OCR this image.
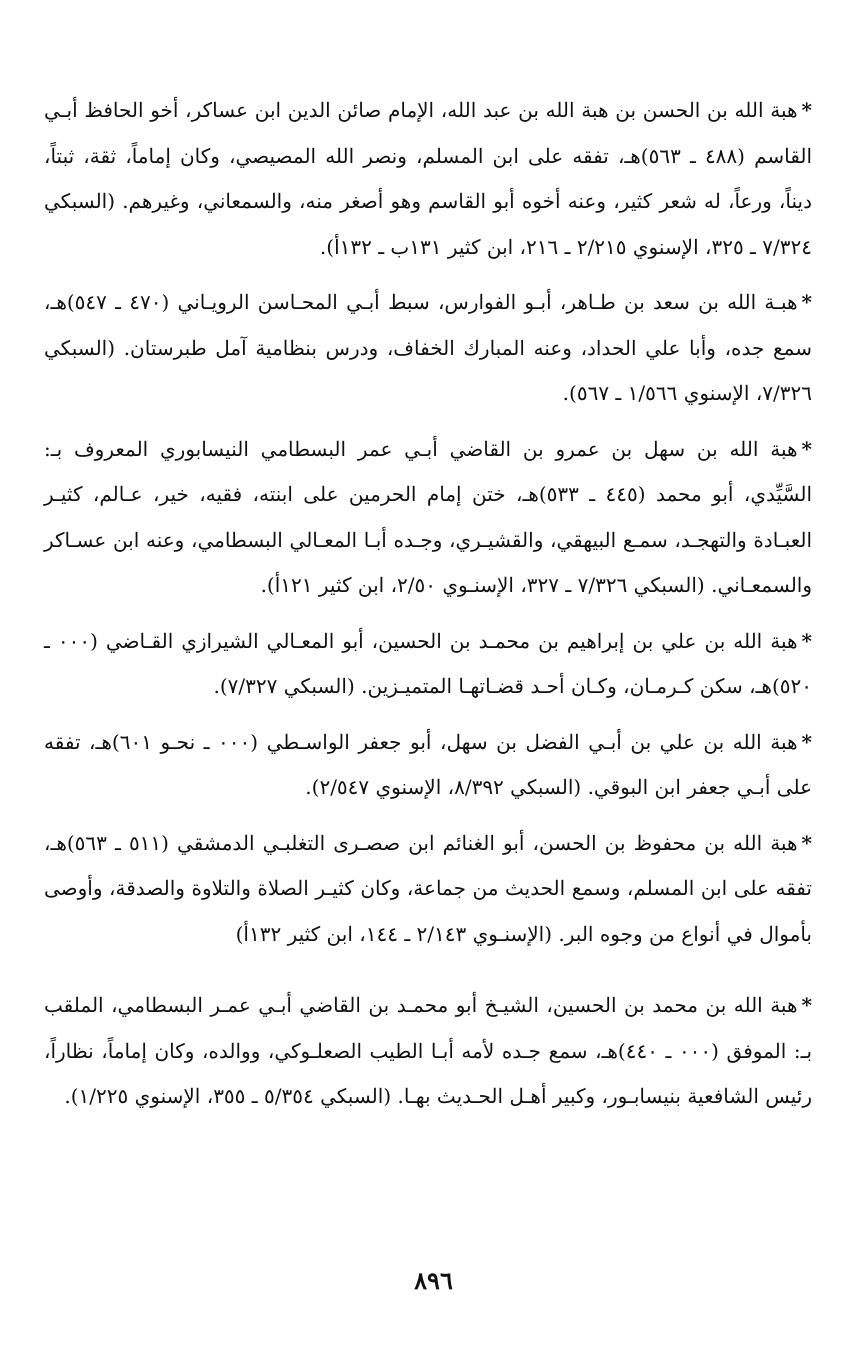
*هبة الله بن الحسن بن هبة الله بن عبد الله، الإمام صائن الدين ابن عساكر، أخو الحافظ أبـي القاسم (٤٨٨ ـ ٥٦٣)هـ، تفقه على ابن المسلم، ونصر الله المصيصي، وكان إماماً، ثقة، ثبتاً، ديناً، ورعاً، له شعر كثير، وعنه أخوه أبو القاسم وهو أصغر منه، والسمعاني، وغيرهم. (السبكي ٧/٣٢٤ ـ ٣٢٥، الإسنوي ٢/٢١٥ ـ ٢١٦، ابن كثير ١٣١ب ـ ١٣٢أ).

*هبـة الله بن سعد بن طـاهر، أبـو الفوارس، سبط أبـي المحـاسن الرويـاني (٤٧٠ ـ ٥٤٧)هـ، سمع جده، وأبا علي الحداد، وعنه المبارك الخفاف، ودرس بنظامية آمل طبرستان. (السبكي ٧/٣٢٦، الإسنوي ١/٥٦٦ ـ ٥٦٧).

*هبة الله بن سهل بن عمرو بن القاضي أبـي عمر البسطامي النيسابوري المعروف بـ: السَّيِّدي، أبو محمد (٤٤٥ ـ ٥٣٣)هـ، ختن إمام الحرمين على ابنته، فقيه، خير، عـالم، كثيـر العبـادة والتهجـد، سمـع البيهقي، والقشيـري، وجـده أبـا المعـالي البسطامي، وعنه ابن عسـاكر والسمعـاني. (السبكي ٧/٣٢٦ ـ ٣٢٧، الإسنـوي ٢/٥٠، ابن كثير ١٢١أ).

*هبة الله بن علي بن إبراهيم بن محمـد بن الحسين، أبو المعـالي الشيرازي القـاضي (٠٠٠ ـ ٥٢٠)هـ، سكن كـرمـان، وكـان أحـد قضـاتهـا المتميـزين. (السبكي ٧/٣٢٧).

*هبة الله بن علي بن أبـي الفضل بن سهل، أبو جعفر الواسـطي (٠٠٠ ـ نحـو ٦٠١)هـ، تفقه على أبـي جعفر ابن البوقي. (السبكي ٨/٣٩٢، الإسنوي ٢/٥٤٧).

*هبة الله بن محفوظ بن الحسن، أبو الغنائم ابن صصـرى التغلبـي الدمشقي (٥١١ ـ ٥٦٣)هـ، تفقه على ابن المسلم، وسمع الحديث من جماعة، وكان كثيـر الصلاة والتلاوة والصدقة، وأوصى بأموال في أنواع من وجوه البر. (الإسنـوي ٢/١٤٣ ـ ١٤٤، ابن كثير ١٣٢أ)

*هبة الله بن محمد بن الحسين، الشيـخ أبو محمـد بن القاضي أبـي عمـر البسطامي، الملقب بـ: الموفق (٠٠٠ ـ ٤٤٠)هـ، سمع جـده لأمه أبـا الطيب الصعلـوكي، ووالده، وكان إماماً، نظاراً، رئيس الشافعية بنيسابـور، وكبير أهـل الحـديث بهـا. (السبكي ٥/٣٥٤ ـ ٣٥٥، الإسنوي ١/٢٢٥).

٨٩٦
